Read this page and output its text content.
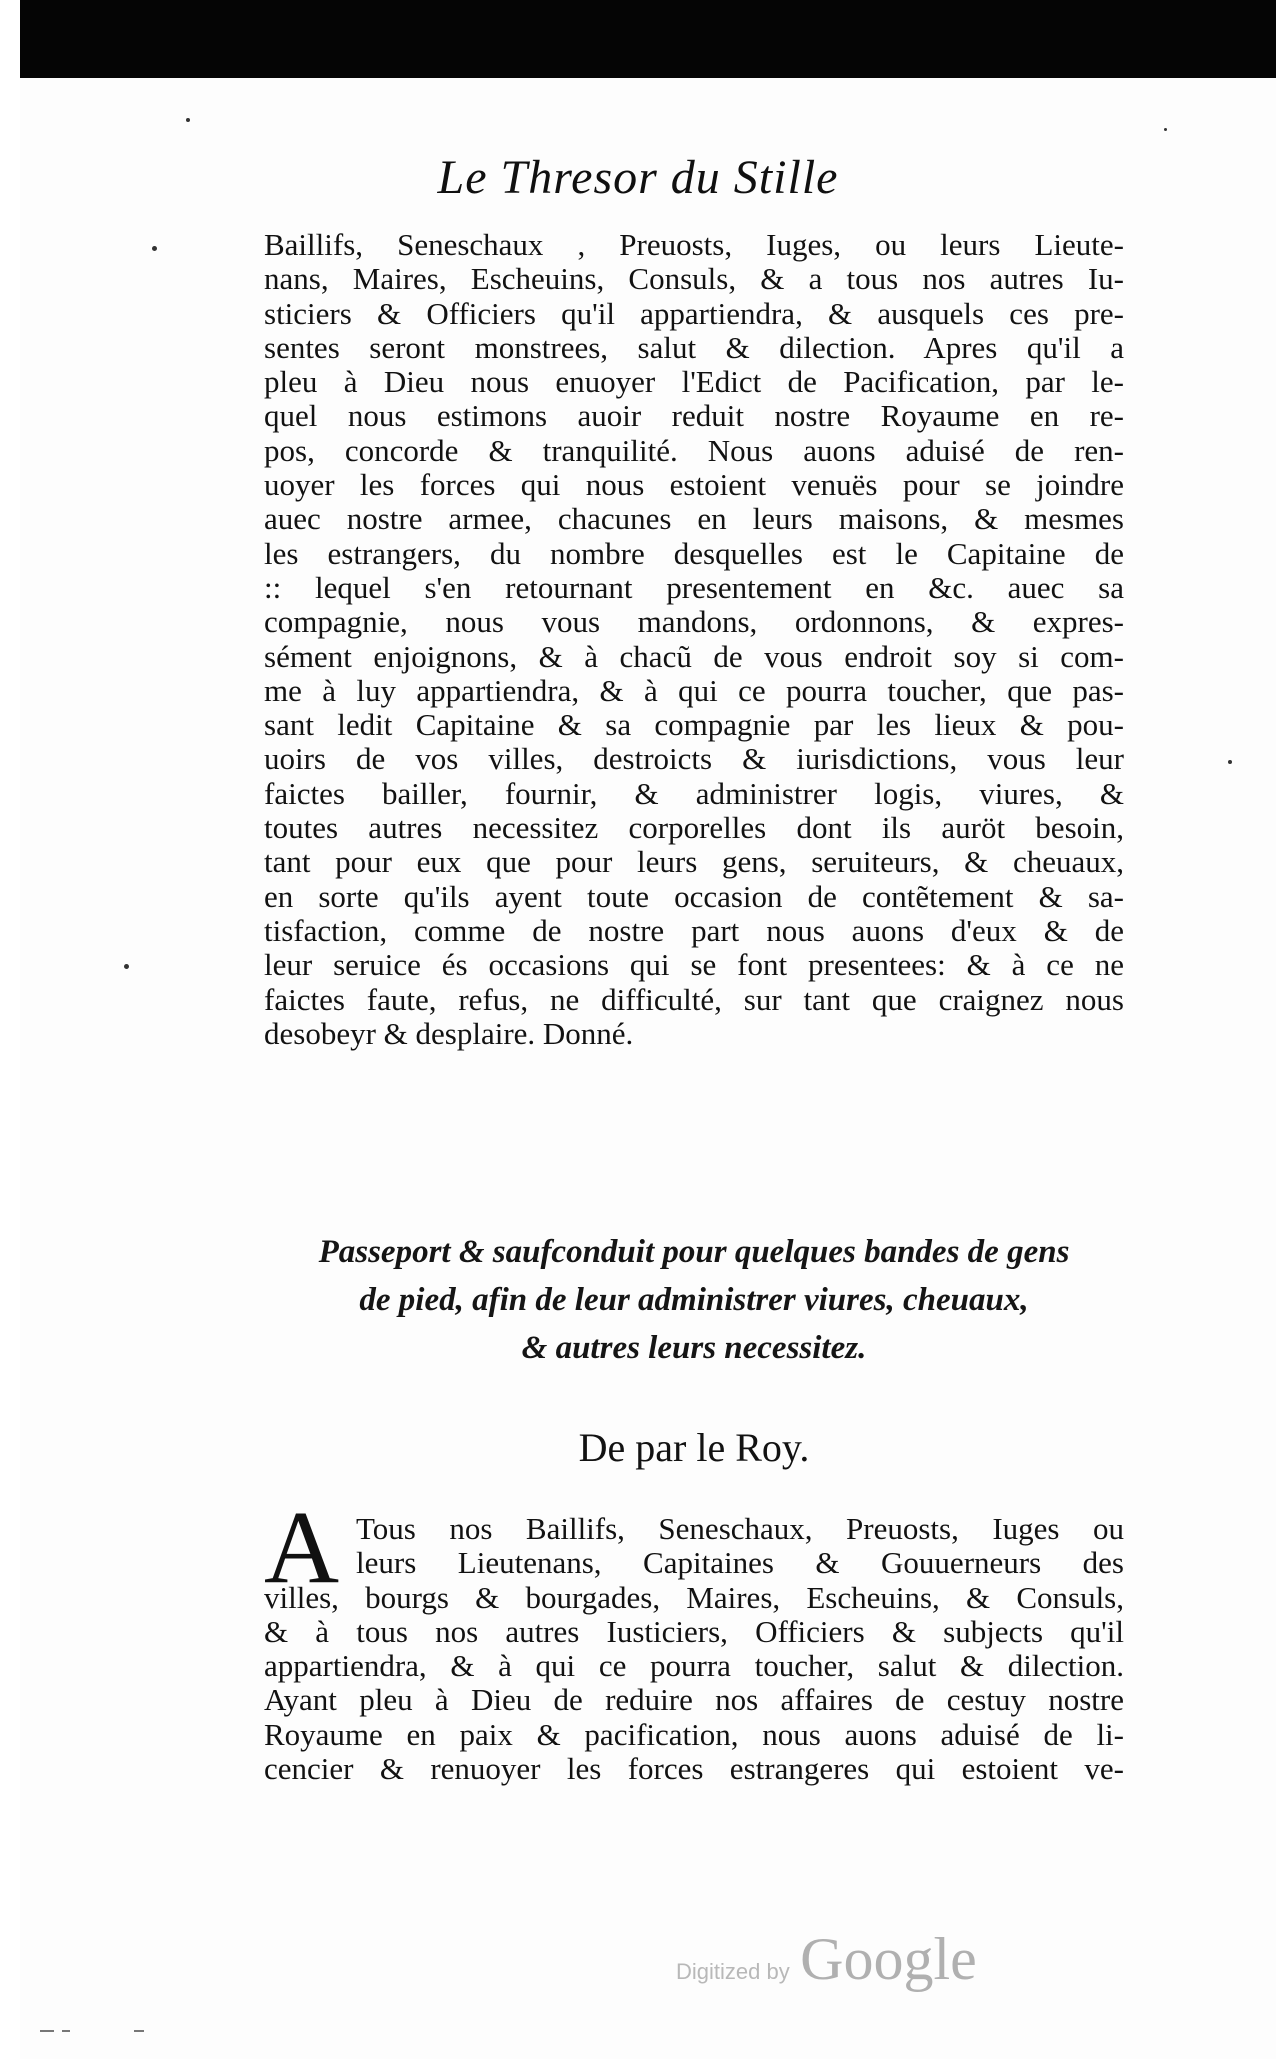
Le Thresor du Stille
Baillifs, Seneschaux , Preuosts, Iuges, ou leurs Lieute-
nans, Maires, Escheuins, Consuls, & a tous nos autres Iu-
sticiers & Officiers qu'il appartiendra, & ausquels ces pre-
sentes seront monstrees, salut & dilection. Apres qu'il a
pleu à Dieu nous enuoyer l'Edict de Pacification, par le-
quel nous estimons auoir reduit nostre Royaume en re-
pos, concorde & tranquilité. Nous auons aduisé de ren-
uoyer les forces qui nous estoient venuës pour se joindre
auec nostre armee, chacunes en leurs maisons, & mesmes
les estrangers, du nombre desquelles est le Capitaine de
:: lequel s'en retournant presentement en &c. auec sa
compagnie, nous vous mandons, ordonnons, & expres-
sément enjoignons, & à chacũ de vous endroit soy si com-
me à luy appartiendra, & à qui ce pourra toucher, que pas-
sant ledit Capitaine & sa compagnie par les lieux & pou-
uoirs de vos villes, destroicts & iurisdictions, vous leur
faictes bailler, fournir, & administrer logis, viures, &
toutes autres necessitez corporelles dont ils auröt besoin,
tant pour eux que pour leurs gens, seruiteurs, & cheuaux,
en sorte qu'ils ayent toute occasion de contẽtement & sa-
tisfaction, comme de nostre part nous auons d'eux & de
leur seruice és occasions qui se font presentees: & à ce ne
faictes faute, refus, ne difficulté, sur tant que craignez nous
desobeyr & desplaire. Donné.
Passeport & saufconduit pour quelques bandes de gens
de pied, afin de leur administrer viures, cheuaux,
& autres leurs necessitez.
De par le Roy.
A Tous nos Baillifs, Seneschaux, Preuosts, Iuges ou
leurs Lieutenans, Capitaines & Gouuerneurs des
villes, bourgs & bourgades, Maires, Escheuins, & Consuls,
& à tous nos autres Iusticiers, Officiers & subjects qu'il
appartiendra, & à qui ce pourra toucher, salut & dilection.
Ayant pleu à Dieu de reduire nos affaires de cestuy nostre
Royaume en paix & pacification, nous auons aduisé de li-
cencier & renuoyer les forces estrangeres qui estoient ve-
Digitized by Google
